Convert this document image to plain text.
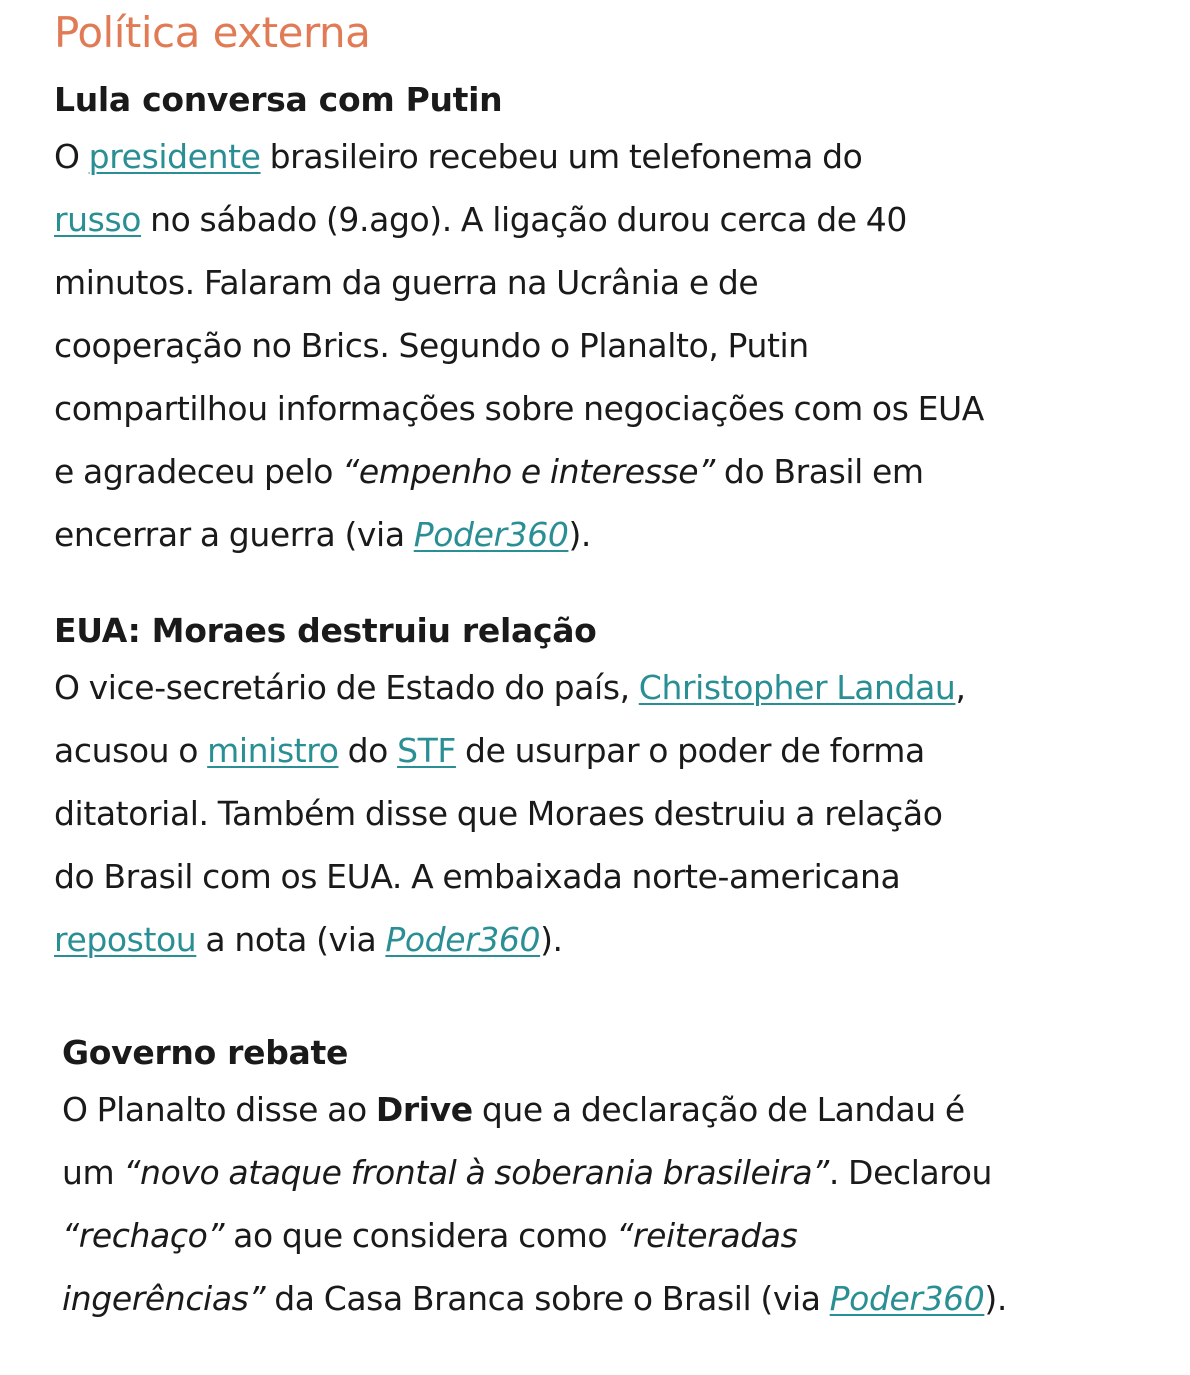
Política externa
Lula conversa com Putin

O presidente brasileiro recebeu um telefonema do
russo no sábado (9.ago). A ligação durou cerca de 40
minutos. Falaram da guerra na Ucrânia e de
cooperação no Brics. Segundo o Planalto, Putin
compartilhou informações sobre negociações com os EUA
e agradeceu pelo “empenho e interesse” do Brasil em
encerrar a guerra (via Poder360).

EUA: Moraes destruiu relação

O vice-secretário de Estado do país, Christopher Landau,
acusou o ministro do STF de usurpar o poder de forma
ditatorial. Também disse que Moraes destruiu a relação
do Brasil com os EUA. A embaixada norte-americana
repostou a nota (via Poder360).

Governo rebate

O Planalto disse ao Drive que a declaração de Landau é
um “novo ataque frontal à soberania brasileira”. Declarou
“rechaço” ao que considera como “reiteradas
ingerências” da Casa Branca sobre o Brasil (via Poder360).
